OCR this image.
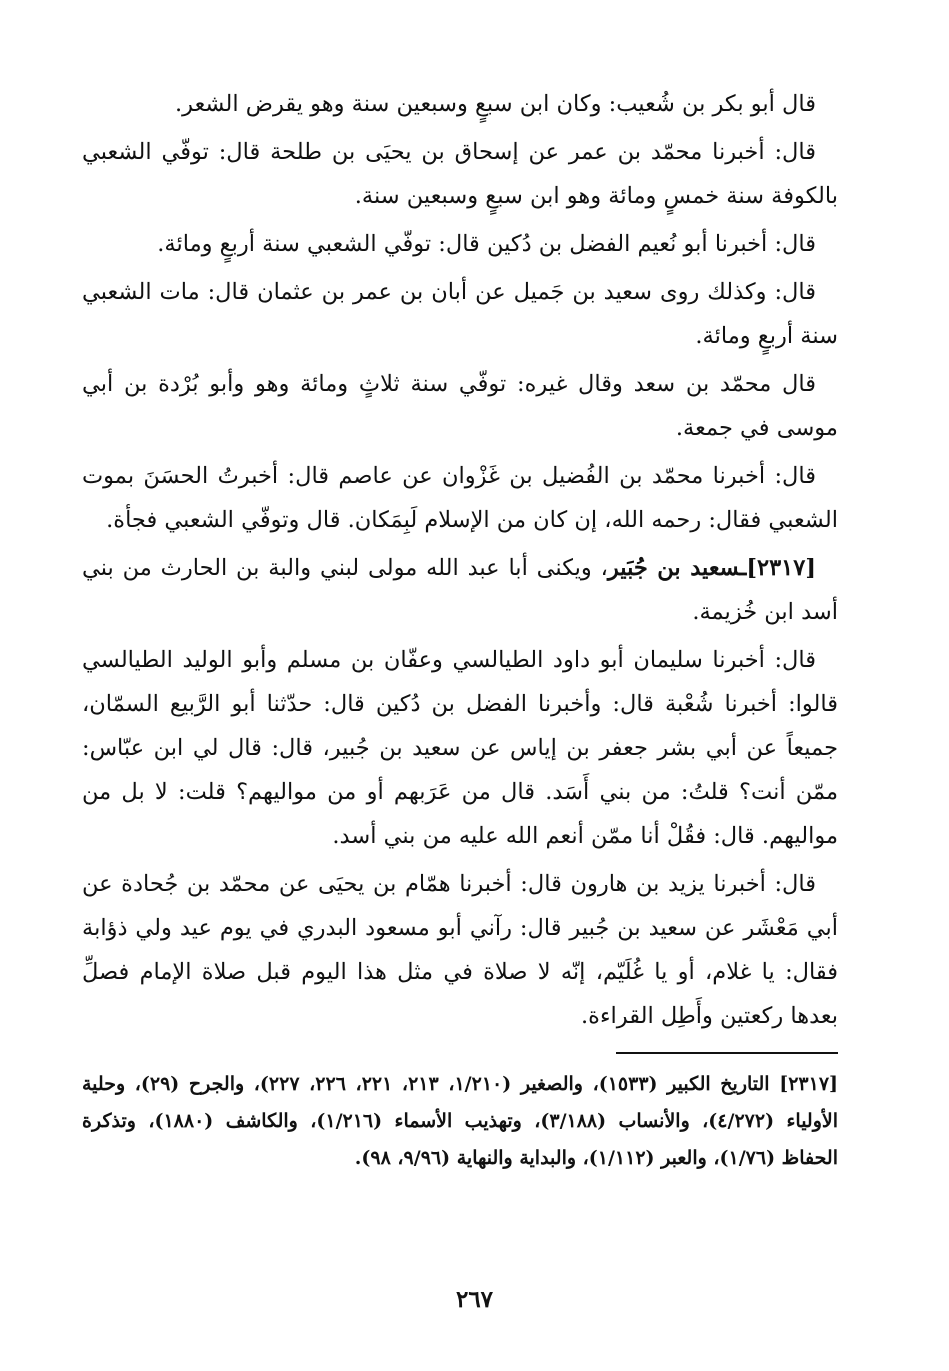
قال أبو بكر بن شُعيب: وكان ابن سبعٍ وسبعين سنة وهو يقرض الشعر.

قال: أخبرنا محمّد بن عمر عن إسحاق بن يحيَى بن طلحة قال: توفّي الشعبي بالكوفة سنة خمسٍ ومائة وهو ابن سبعٍ وسبعين سنة.

قال: أخبرنا أبو نُعيم الفضل بن دُكين قال: توفّي الشعبي سنة أربعٍ ومائة.

قال: وكذلك روى سعيد بن جَميل عن أبان بن عمر بن عثمان قال: مات الشعبي سنة أربعٍ ومائة.

قال محمّد بن سعد وقال غيره: توفّي سنة ثلاثٍ ومائة وهو وأبو بُرْدة بن أبي موسى في جمعة.

قال: أخبرنا محمّد بن الفُضيل بن غَزْوان عن عاصم قال: أخبرتُ الحسَنَ بموت الشعبي فقال: رحمه الله، إن كان من الإسلام لَبِمَكان. قال وتوفّي الشعبي فجأة.

[٢٣١٧]ـسعيد بن جُبَير، ويكنى أبا عبد الله مولى لبني والبة بن الحارث من بني أسد ابن خُزيمة.

قال: أخبرنا سليمان أبو داود الطيالسي وعفّان بن مسلم وأبو الوليد الطيالسي قالوا: أخبرنا شُعْبة قال: وأخبرنا الفضل بن دُكين قال: حدّثنا أبو الرَّبيع السمّان، جميعاً عن أبي بشر جعفر بن إياس عن سعيد بن جُبير، قال: قال لي ابن عبّاس: ممّن أنت؟ قلتُ: من بني أَسَد. قال من عَرَبهم أو من مواليهم؟ قلت: لا بل من مواليهم. قال: فقُلْ أنا ممّن أنعم الله عليه من بني أسد.

قال: أخبرنا يزيد بن هارون قال: أخبرنا همّام بن يحيَى عن محمّد بن جُحادة عن أبي مَعْشَر عن سعيد بن جُبير قال: رآني أبو مسعود البدري في يوم عيد ولي ذؤابة فقال: يا غلام، أو يا غُلَيّم، إنّه لا صلاة في مثل هذا اليوم قبل صلاة الإمام فصلِّ بعدها ركعتين وأَطِل القراءة.

[٢٣١٧] التاريخ الكبير (١٥٣٣)، والصغير (١/٢١٠، ٢١٣، ٢٢١، ٢٢٦، ٢٢٧)، والجرح (٢٩)، وحلية الأولياء (٤/٢٧٢)، والأنساب (٣/١٨٨)، وتهذيب الأسماء (١/٢١٦)، والكاشف (١٨٨٠)، وتذكرة الحفاظ (١/٧٦)، والعبر (١/١١٢)، والبداية والنهاية (٩/٩٦، ٩٨).

٢٦٧
